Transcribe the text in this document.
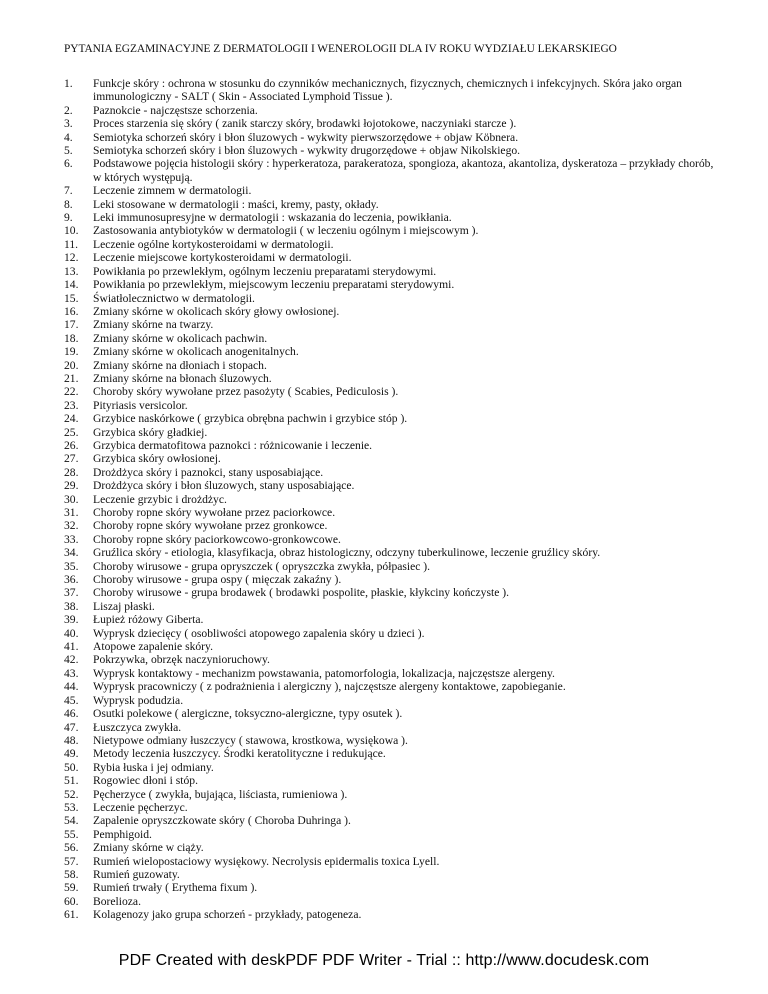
PYTANIA EGZAMINACYJNE Z DERMATOLOGII I WENEROLOGII DLA IV ROKU WYDZIAŁU LEKARSKIEGO
1.	Funkcje skóry : ochrona w stosunku do czynników mechanicznych, fizycznych, chemicznych i infekcyjnych. Skóra jako organ immunologiczny - SALT ( Skin - Associated Lymphoid Tissue ).
2.	Paznokcie - najczęstsze schorzenia.
3.	Proces starzenia się skóry ( zanik starczy skóry, brodawki łojotokowe, naczyniaki starcze ).
4.	Semiotyka schorzeń skóry i błon śluzowych - wykwity pierwszorzędowe + objaw Köbnera.
5.	Semiotyka schorzeń skóry i błon śluzowych - wykwity drugorzędowe + objaw Nikolskiego.
6.	Podstawowe pojęcia histologii skóry : hyperkeratoza, parakeratoza, spongioza, akantoza, akantoliza, dyskeratoza – przykłady chorób, w których występują.
7.	Leczenie zimnem w dermatologii.
8.	Leki stosowane w dermatologii : maści, kremy, pasty, okłady.
9.	Leki immunosupresyjne w dermatologii : wskazania do leczenia, powikłania.
10.	Zastosowania antybiotyków w dermatologii ( w leczeniu ogólnym i miejscowym ).
11.	Leczenie ogólne kortykosteroidami w dermatologii.
12.	Leczenie miejscowe kortykosteroidami w dermatologii.
13.	Powikłania po przewlekłym, ogólnym leczeniu preparatami sterydowymi.
14.	Powikłania po przewlekłym, miejscowym leczeniu preparatami sterydowymi.
15.	Światłolecznictwo w dermatologii.
16.	Zmiany skórne w okolicach skóry głowy owłosionej.
17.	Zmiany skórne na twarzy.
18.	Zmiany skórne w okolicach pachwin.
19.	Zmiany skórne w okolicach anogenitalnych.
20.	Zmiany skórne na dłoniach i stopach.
21.	Zmiany skórne na błonach śluzowych.
22.	Choroby skóry wywołane przez pasożyty ( Scabies, Pediculosis ).
23.	Pityriasis versicolor.
24.	Grzybice naskórkowe ( grzybica obrębna pachwin i grzybice stóp ).
25.	Grzybica skóry gładkiej.
26.	Grzybica dermatofitowa paznokci : różnicowanie i leczenie.
27.	Grzybica skóry owłosionej.
28.	Drożdżyca skóry i paznokci, stany usposabiające.
29.	Drożdżyca skóry i błon śluzowych, stany usposabiające.
30.	Leczenie grzybic i drożdżyc.
31.	Choroby ropne skóry wywołane przez paciorkowce.
32.	Choroby ropne skóry wywołane przez gronkowce.
33.	Choroby ropne skóry paciorkowcowo-gronkowcowe.
34.	Gruźlica skóry - etiologia, klasyfikacja, obraz histologiczny, odczyny tuberkulinowe, leczenie gruźlicy skóry.
35.	Choroby wirusowe - grupa opryszczek ( opryszczka zwykła, półpasiec ).
36.	Choroby wirusowe - grupa ospy ( mięczak zakaźny ).
37.	Choroby wirusowe - grupa brodawek ( brodawki pospolite, płaskie, kłykciny kończyste ).
38.	Liszaj płaski.
39.	Łupież różowy Giberta.
40.	Wyprysk dziecięcy ( osobliwości atopowego zapalenia skóry u dzieci ).
41.	Atopowe zapalenie skóry.
42.	Pokrzywka, obrzęk naczynioruchowy.
43.	Wyprysk kontaktowy - mechanizm powstawania, patomorfologia, lokalizacja, najczęstsze alergeny.
44.	Wyprysk pracowniczy ( z podrażnienia i alergiczny ), najczęstsze alergeny kontaktowe, zapobieganie.
45.	Wyprysk podudzia.
46.	Osutki polekowe ( alergiczne, toksyczno-alergiczne, typy osutek ).
47.	Łuszczyca zwykła.
48.	Nietypowe odmiany łuszczycy ( stawowa, krostkowa, wysiękowa ).
49.	Metody leczenia łuszczycy. Środki keratolityczne i redukujące.
50.	Rybia łuska i jej odmiany.
51.	Rogowiec dłoni i stóp.
52.	Pęcherzyce ( zwykła, bujająca, liściasta, rumieniowa ).
53.	Leczenie pęcherzyc.
54.	Zapalenie opryszczkowate skóry ( Choroba Duhringa ).
55.	Pemphigoid.
56.	Zmiany skórne w ciąży.
57.	Rumień wielopostaciowy wysiękowy. Necrolysis epidermalis toxica Lyell.
58.	Rumień guzowaty.
59.	Rumień trwały ( Erythema fixum ).
60.	Borelioza.
61.	Kolagenozy jako grupa schorzeń - przykłady, patogeneza.
PDF Created with deskPDF PDF Writer - Trial :: http://www.docudesk.com
